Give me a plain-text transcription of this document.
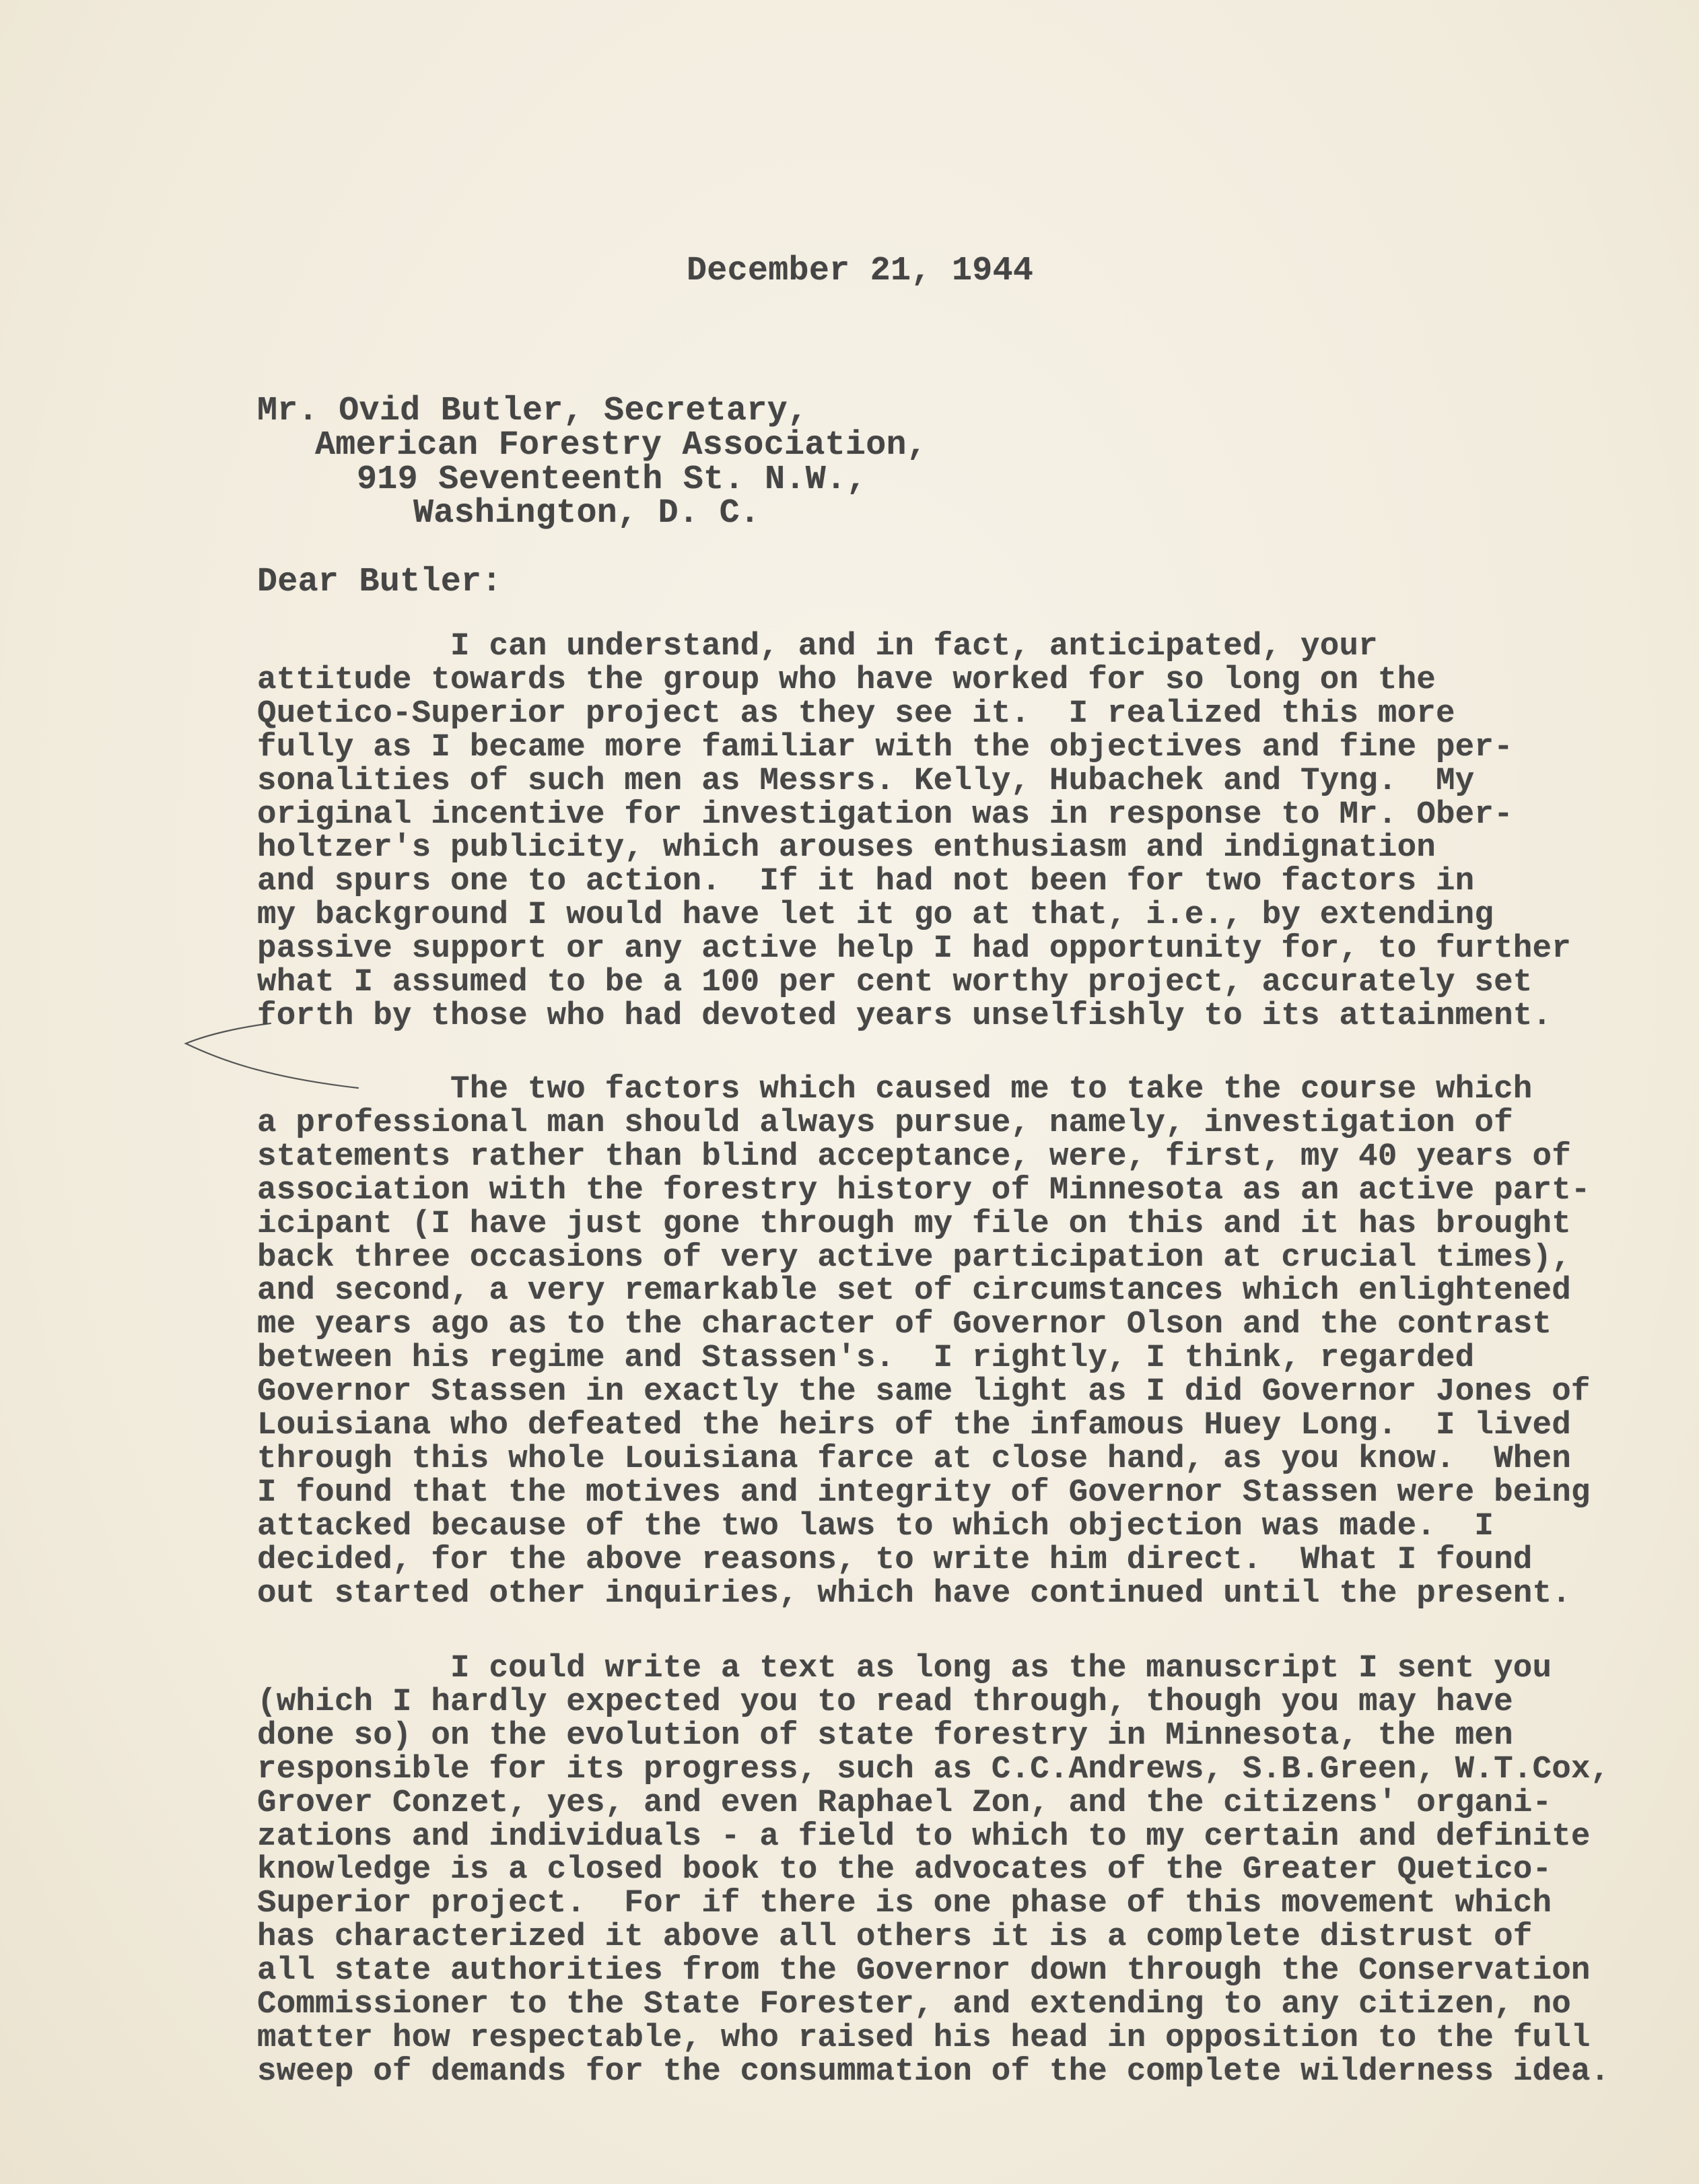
December 21, 1944
Mr. Ovid Butler, Secretary,
American Forestry Association,
919 Seventeenth St. N.W.,
Washington, D. C.
Dear Butler:
I can understand, and in fact, anticipated, your
attitude towards the group who have worked for so long on the
Quetico-Superior project as they see it.  I realized this more
fully as I became more familiar with the objectives and fine per-
sonalities of such men as Messrs. Kelly, Hubachek and Tyng.  My
original incentive for investigation was in response to Mr. Ober-
holtzer's publicity, which arouses enthusiasm and indignation
and spurs one to action.  If it had not been for two factors in
my background I would have let it go at that, i.e., by extending
passive support or any active help I had opportunity for, to further
what I assumed to be a 100 per cent worthy project, accurately set
forth by those who had devoted years unselfishly to its attainment.
The two factors which caused me to take the course which
a professional man should always pursue, namely, investigation of
statements rather than blind acceptance, were, first, my 40 years of
association with the forestry history of Minnesota as an active part-
icipant (I have just gone through my file on this and it has brought
back three occasions of very active participation at crucial times),
and second, a very remarkable set of circumstances which enlightened
me years ago as to the character of Governor Olson and the contrast
between his regime and Stassen's.  I rightly, I think, regarded
Governor Stassen in exactly the same light as I did Governor Jones of
Louisiana who defeated the heirs of the infamous Huey Long.  I lived
through this whole Louisiana farce at close hand, as you know.  When
I found that the motives and integrity of Governor Stassen were being
attacked because of the two laws to which objection was made.  I
decided, for the above reasons, to write him direct.  What I found
out started other inquiries, which have continued until the present.
I could write a text as long as the manuscript I sent you
(which I hardly expected you to read through, though you may have
done so) on the evolution of state forestry in Minnesota, the men
responsible for its progress, such as C.C.Andrews, S.B.Green, W.T.Cox,
Grover Conzet, yes, and even Raphael Zon, and the citizens' organi-
zations and individuals - a field to which to my certain and definite
knowledge is a closed book to the advocates of the Greater Quetico-
Superior project.  For if there is one phase of this movement which
has characterized it above all others it is a complete distrust of
all state authorities from the Governor down through the Conservation
Commissioner to the State Forester, and extending to any citizen, no
matter how respectable, who raised his head in opposition to the full
sweep of demands for the consummation of the complete wilderness idea.
